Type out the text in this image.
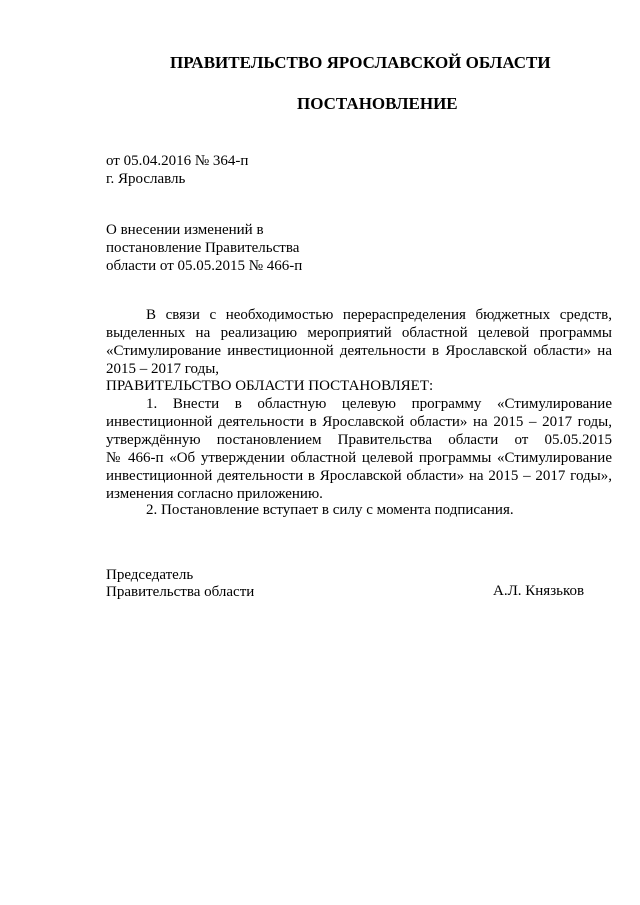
ПРАВИТЕЛЬСТВО ЯРОСЛАВСКОЙ ОБЛАСТИ
ПОСТАНОВЛЕНИЕ
от 05.04.2016 № 364-п
г. Ярославль
О внесении изменений в
постановление Правительства
области от 05.05.2015 № 466-п
В связи с необходимостью перераспределения бюджетных средств,
выделенных на реализацию мероприятий областной целевой программы
«Стимулирование инвестиционной деятельности в Ярославской области» на
2015 – 2017 годы,
ПРАВИТЕЛЬСТВО ОБЛАСТИ ПОСТАНОВЛЯЕТ:
1. Внести в областную целевую программу «Стимулирование
инвестиционной деятельности в Ярославской области» на 2015 – 2017 годы,
утверждённую постановлением Правительства области от 05.05.2015
№ 466-п «Об утверждении областной целевой программы «Стимулирование
инвестиционной деятельности в Ярославской области» на 2015 – 2017 годы»,
изменения согласно приложению.
2. Постановление вступает в силу с момента подписания.
Председатель
Правительства области	А.Л. Князьков
